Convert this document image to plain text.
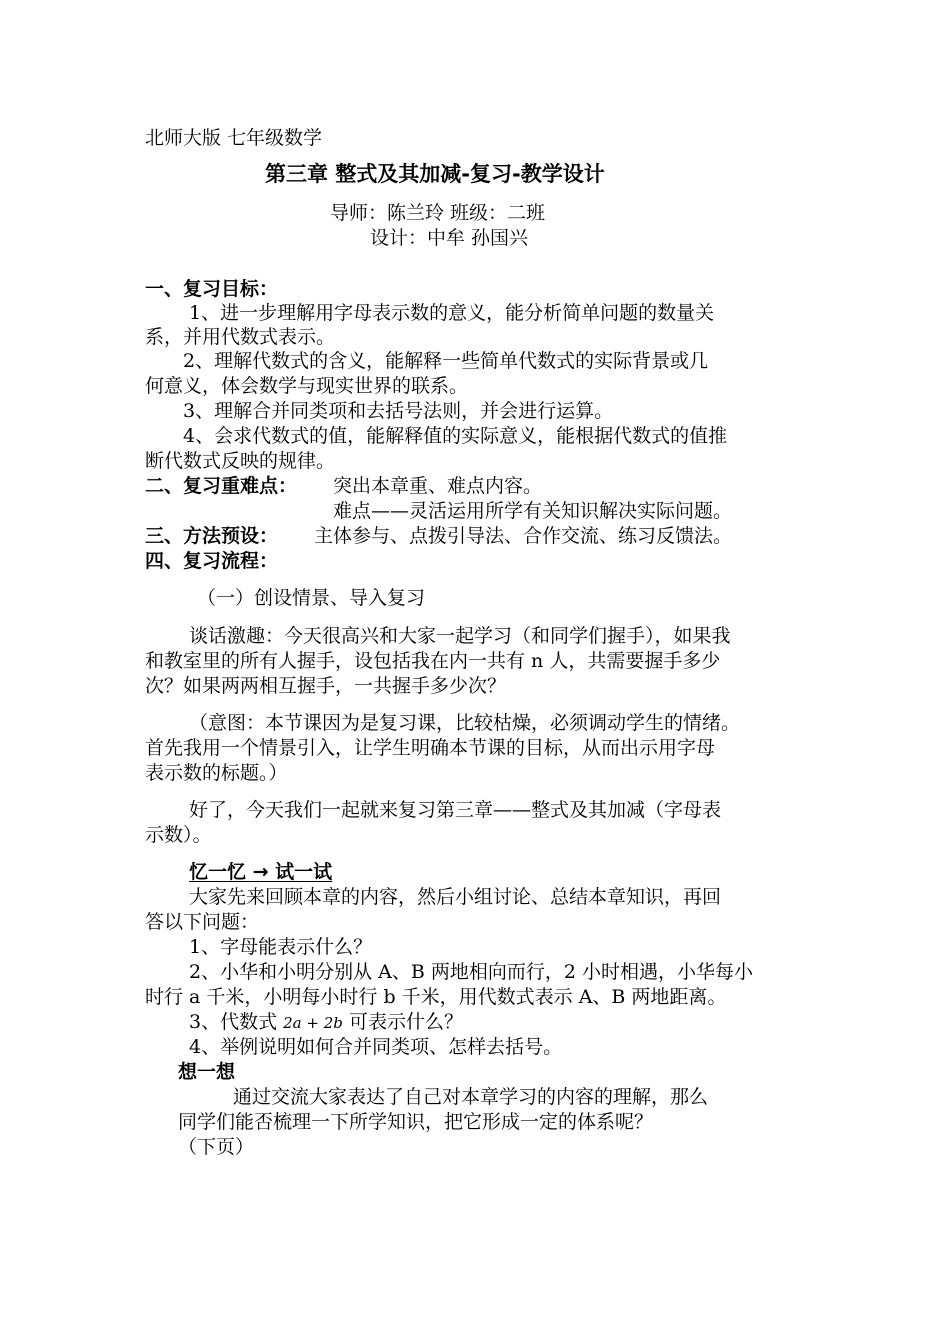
北师大版 七年级数学
第三章 整式及其加减-复习-教学设计
导师：陈兰玲 班级：二班
设计：中牟 孙国兴
一、复习目标：
1、进一步理解用字母表示数的意义，能分析简单问题的数量关
系，并用代数式表示。
2、理解代数式的含义，能解释一些简单代数式的实际背景或几
何意义，体会数学与现实世界的联系。
3、理解合并同类项和去括号法则，并会进行运算。
4、会求代数式的值，能解释值的实际意义，能根据代数式的值推
断代数式反映的规律。
二、复习重难点： 突出本章重、难点内容。
难点——灵活运用所学有关知识解决实际问题。
三、方法预设： 主体参与、点拨引导法、合作交流、练习反馈法。
四、复习流程：
（一）创设情景、导入复习
谈话激趣：今天很高兴和大家一起学习（和同学们握手），如果我
和教室里的所有人握手，设包括我在内一共有 n 人，共需要握手多少
次？如果两两相互握手，一共握手多少次？
（意图：本节课因为是复习课，比较枯燥，必须调动学生的情绪。
首先我用一个情景引入，让学生明确本节课的目标，从而出示用字母
表示数的标题。）
好了，今天我们一起就来复习第三章——整式及其加减（字母表
示数）。
忆一忆 → 试一试
大家先来回顾本章的内容，然后小组讨论、总结本章知识，再回
答以下问题：
1、字母能表示什么？
2、小华和小明分别从 A、B 两地相向而行，2 小时相遇，小华每小
时行 a 千米，小明每小时行 b 千米，用代数式表示 A、B 两地距离。
3、代数式 2a + 2b 可表示什么？
4、举例说明如何合并同类项、怎样去括号。
想一想
通过交流大家表达了自己对本章学习的内容的理解，那么
同学们能否梳理一下所学知识，把它形成一定的体系呢？
（下页）
